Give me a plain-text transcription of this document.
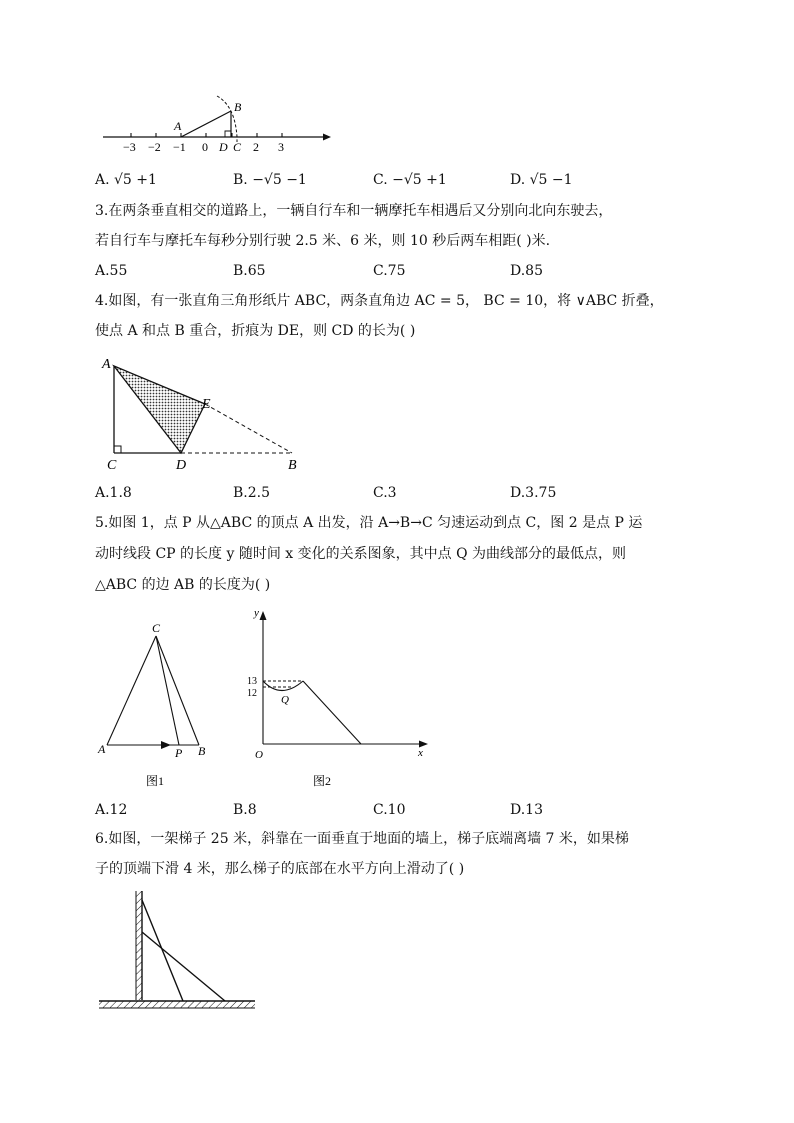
A
B
D C
−3 −2 −1 0	2 3
A. √5 +1	B. −√5 −1	C. −√5 +1	D. √5 −1
3.在两条垂直相交的道路上，一辆自行车和一辆摩托车相遇后又分别向北向东驶去，
若自行车与摩托车每秒分别行驶 2.5 米、6 米，则 10 秒后两车相距( )米.
A.55	B.65	C.75	D.85
4.如图，有一张直角三角形纸片 ABC，两条直角边 AC = 5， BC = 10，将 ∨ABC 折叠，
使点 A 和点 B 重合，折痕为 DE，则 CD 的长为( )
A
E
C	D	B
A.1.8	B.2.5	C.3	D.3.75
5.如图 1，点 P 从△ABC 的顶点 A 出发，沿 A→B→C 匀速运动到点 C，图 2 是点 P 运
动时线段 CP 的长度 y 随时间 x 变化的关系图象，其中点 Q 为曲线部分的最低点，则
△ABC 的边 AB 的长度为( )
C
A	P B
图1
y
x
O
13
12
Q
图2
A.12	B.8	C.10	D.13
6.如图，一架梯子 25 米，斜靠在一面垂直于地面的墙上，梯子底端离墙 7 米，如果梯
子的顶端下滑 4 米，那么梯子的底部在水平方向上滑动了( )
